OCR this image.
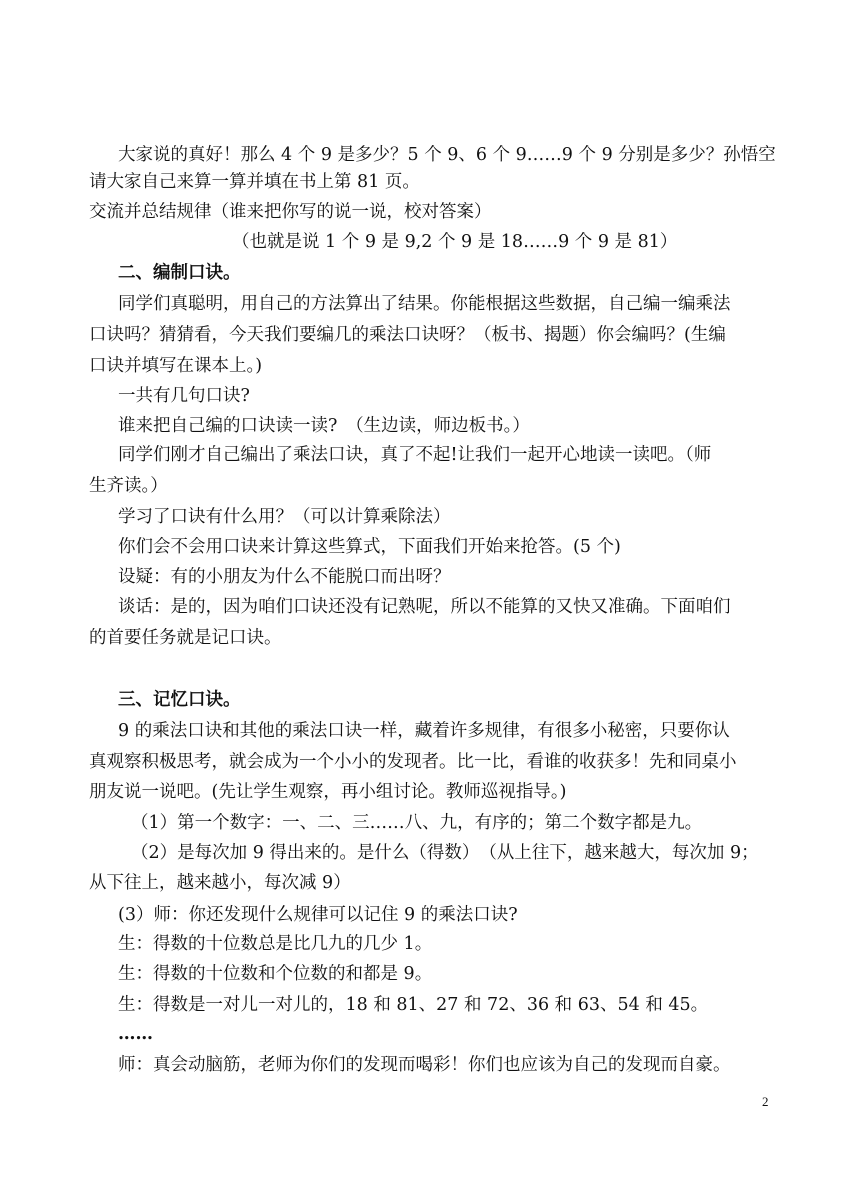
大家说的真好！那么 4 个 9 是多少？5 个 9、6 个 9……9 个 9 分别是多少？孙悟空
请大家自己来算一算并填在书上第 81 页。
交流并总结规律（谁来把你写的说一说，校对答案）
（也就是说 1 个 9 是 9,2 个 9 是 18……9 个 9 是 81）
二、编制口诀。
同学们真聪明，用自己的方法算出了结果。你能根据这些数据，自己编一编乘法
口诀吗？猜猜看，今天我们要编几的乘法口诀呀？（板书、揭题）你会编吗？(生编
口诀并填写在课本上。)
一共有几句口诀?
谁来把自己编的口诀读一读?　（生边读，师边板书。）
同学们刚才自己编出了乘法口诀，真了不起!让我们一起开心地读一读吧。（师
生齐读。）
学习了口诀有什么用？（可以计算乘除法）
你们会不会用口诀来计算这些算式，下面我们开始来抢答。(5 个)
设疑：有的小朋友为什么不能脱口而出呀？
谈话：是的，因为咱们口诀还没有记熟呢，所以不能算的又快又准确。下面咱们
的首要任务就是记口诀。
三、记忆口诀。
9 的乘法口诀和其他的乘法口诀一样，藏着许多规律，有很多小秘密，只要你认
真观察积极思考，就会成为一个小小的发现者。比一比，看谁的收获多！先和同桌小
朋友说一说吧。(先让学生观察，再小组讨论。教师巡视指导。)
（1）第一个数字：一、二、三……八、九，有序的；第二个数字都是九。
（2）是每次加 9 得出来的。是什么（得数）　（从上往下，越来越大，每次加 9；
从下往上，越来越小，每次减 9）
(3）师：你还发现什么规律可以记住 9 的乘法口诀?
生：得数的十位数总是比几九的几少 1。
生：得数的十位数和个位数的和都是 9。
生：得数是一对儿一对儿的，18 和 81、27 和 72、36 和 63、54 和 45。
……
师：真会动脑筋，老师为你们的发现而喝彩！你们也应该为自己的发现而自豪。
2
